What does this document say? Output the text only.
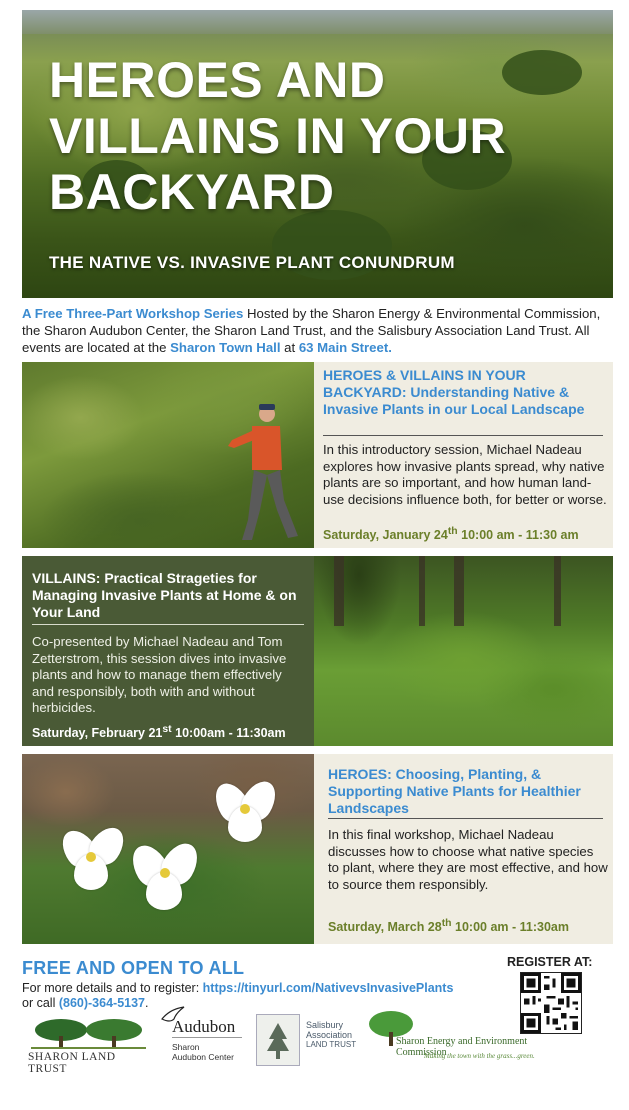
HEROES AND VILLAINS IN YOUR BACKYARD
THE NATIVE VS. INVASIVE PLANT CONUNDRUM
A Free Three-Part Workshop Series Hosted by the Sharon Energy & Environmental Commission, the Sharon Audubon Center, the Sharon Land Trust, and the Salisbury Association Land Trust. All events are located at the Sharon Town Hall at 63 Main Street.
HEROES & VILLAINS IN YOUR BACKYARD: Understanding Native & Invasive Plants in our Local Landscape
In this introductory session, Michael Nadeau explores how invasive plants spread, why native plants are so important, and how human land-use decisions influence both, for better or worse.
Saturday, January 24th 10:00 am - 11:30 am
VILLAINS: Practical Strageties for Managing Invasive Plants at Home & on Your Land
Co-presented by Michael Nadeau and Tom Zetterstrom, this session dives into invasive plants and how to manage them effectively and responsibly, both with and without herbicides.
Saturday, February 21st 10:00am - 11:30am
HEROES: Choosing, Planting, & Supporting Native Plants for Healthier Landscapes
In this final workshop, Michael Nadeau discusses how to choose what native species to plant, where they are most effective, and how to source them responsibly.
Saturday, March 28th 10:00 am - 11:30am
FREE AND OPEN TO ALL
For more details and to register: https://tinyurl.com/NativevsInvasivePlants
or call (860)-364-5137.
REGISTER AT:
SHARON LAND TRUST
Audubon
Sharon
Audubon Center
Salisbury
Association
LAND TRUST	Sharon Energy and Environment Commission
Making the town with the grass...green.
